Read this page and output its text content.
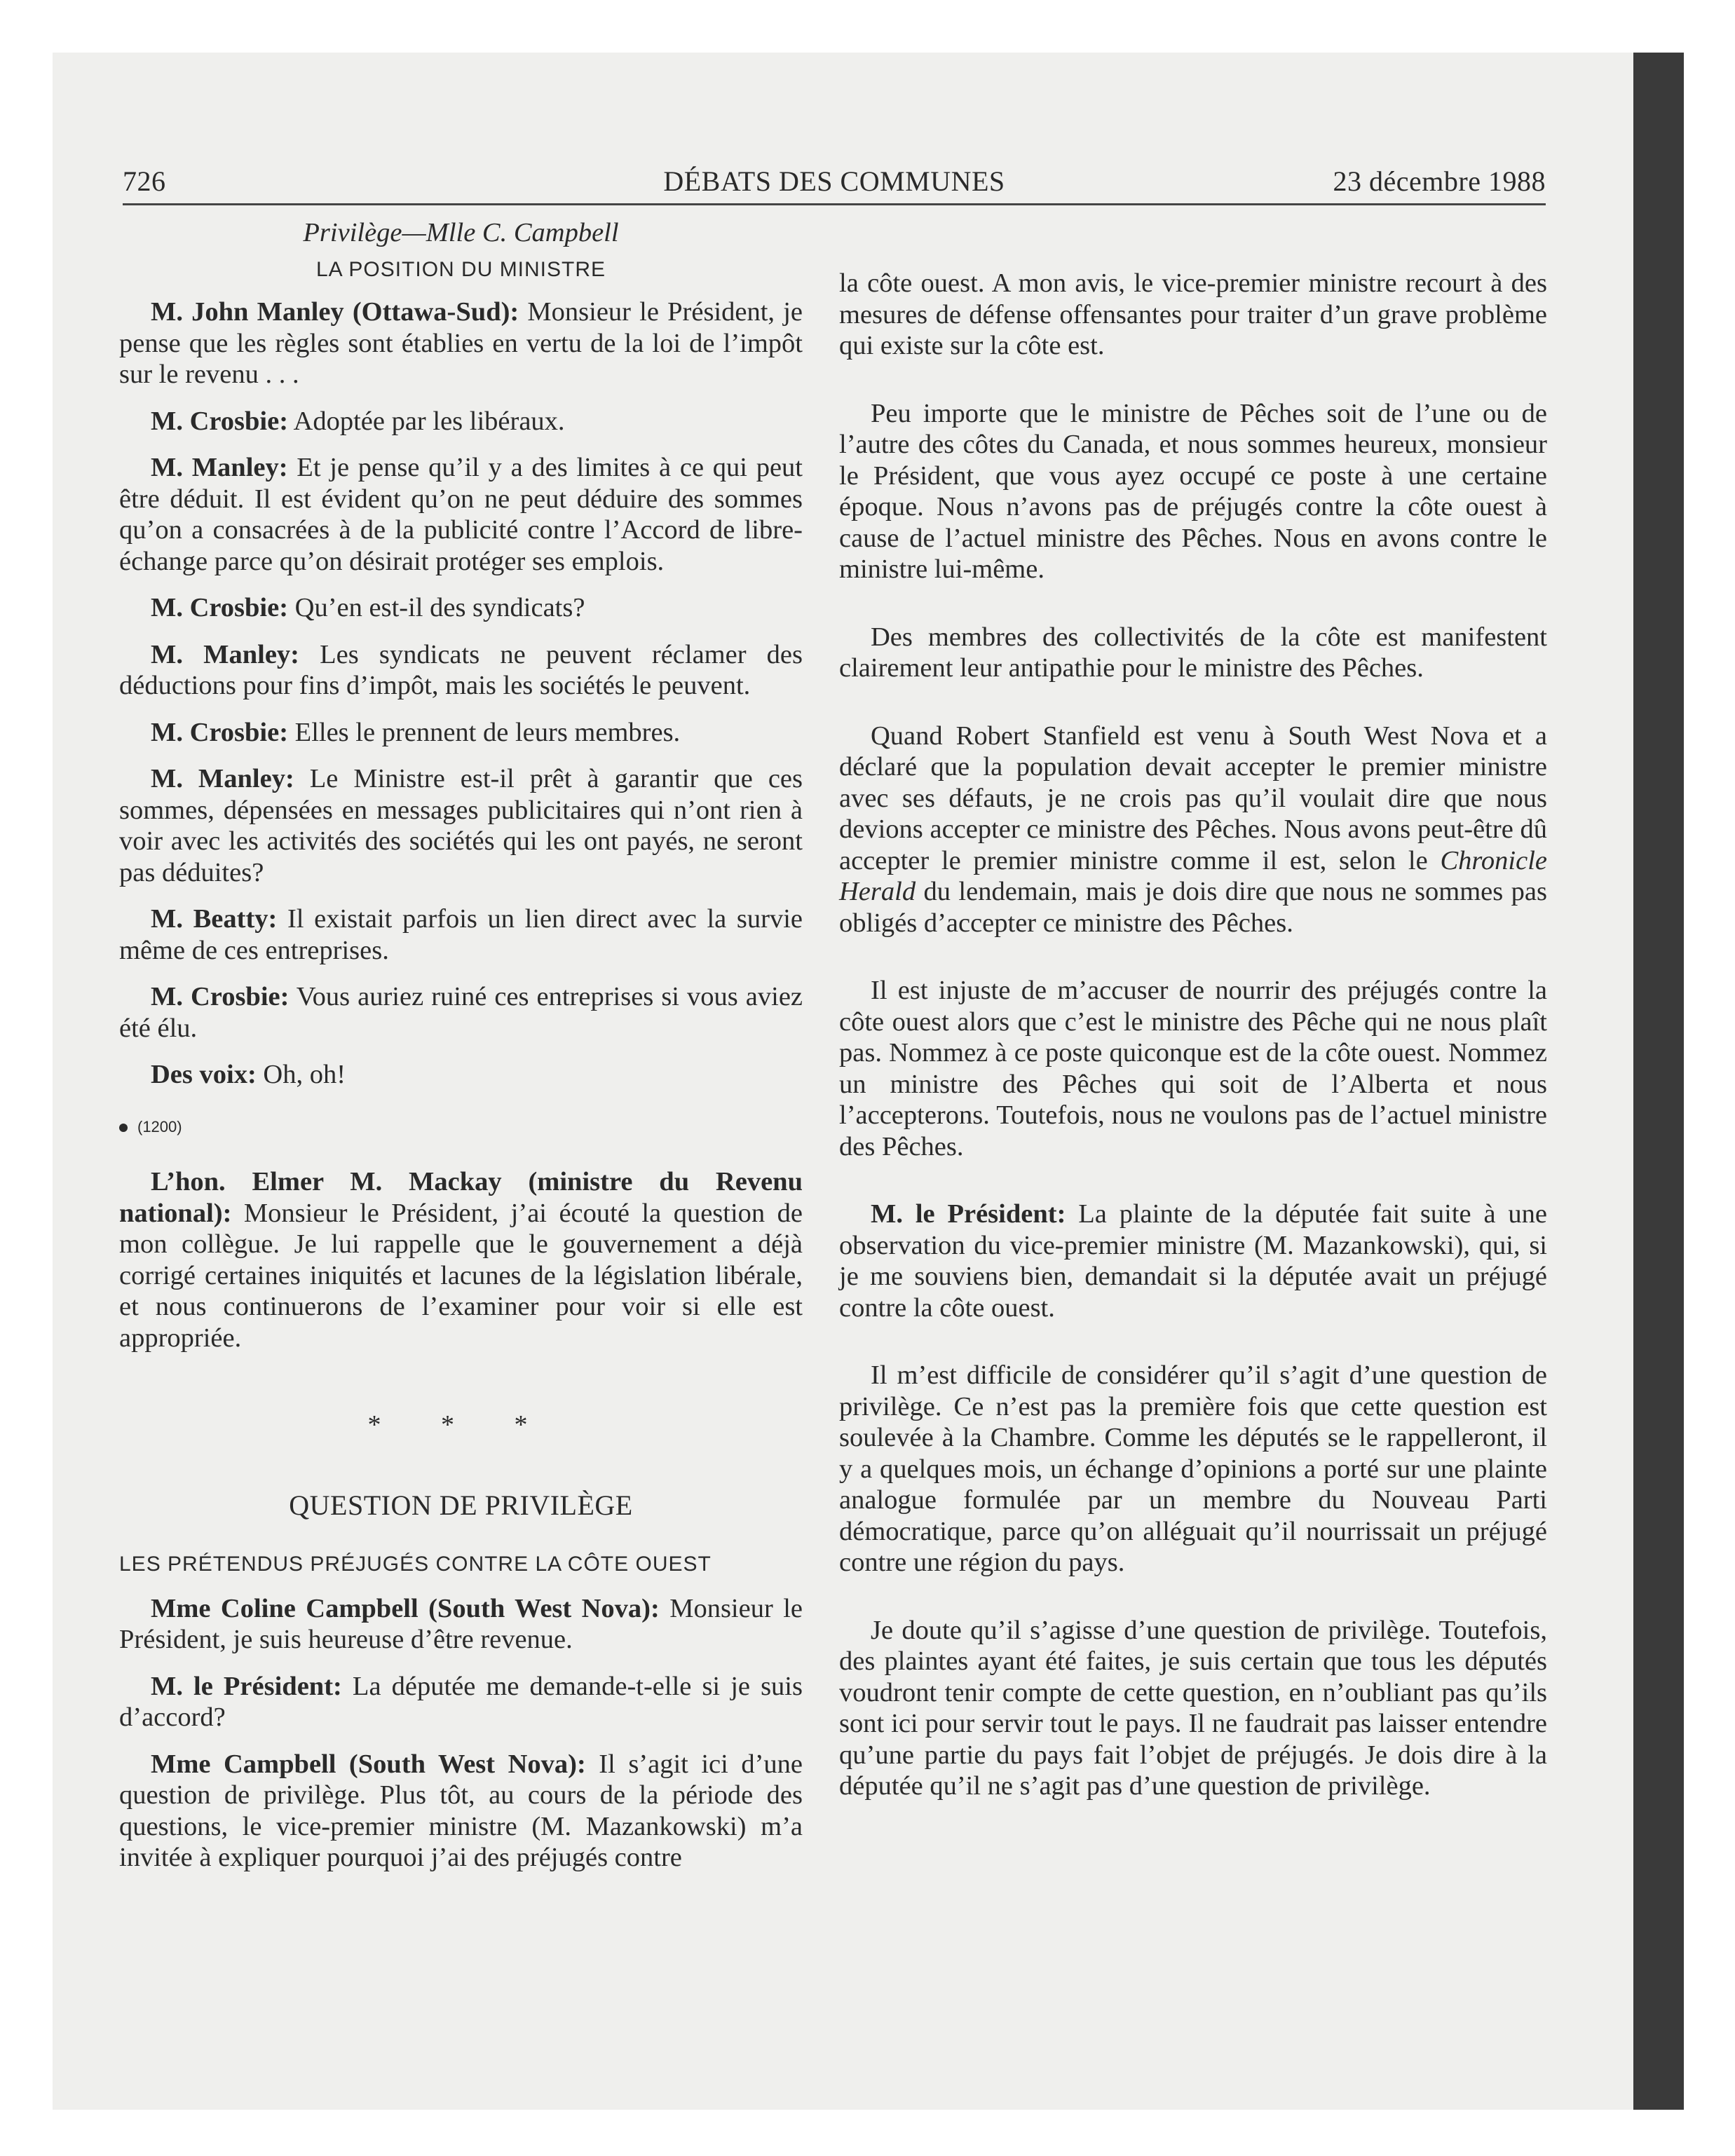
726	DÉBATS DES COMMUNES	23 décembre 1988
Privilège—Mlle C. Campbell
LA POSITION DU MINISTRE

M. John Manley (Ottawa-Sud): Monsieur le Président, je pense que les règles sont établies en vertu de la loi de l’impôt sur le revenu . . .

M. Crosbie: Adoptée par les libéraux.

M. Manley: Et je pense qu’il y a des limites à ce qui peut être déduit. Il est évident qu’on ne peut déduire des sommes qu’on a consacrées à de la publicité contre l’Accord de libre-échange parce qu’on désirait protéger ses emplois.

M. Crosbie: Qu’en est-il des syndicats?

M. Manley: Les syndicats ne peuvent réclamer des déductions pour fins d’impôt, mais les sociétés le peuvent.

M. Crosbie: Elles le prennent de leurs membres.

M. Manley: Le Ministre est-il prêt à garantir que ces sommes, dépensées en messages publicitaires qui n’ont rien à voir avec les activités des sociétés qui les ont payés, ne seront pas déduites?

M. Beatty: Il existait parfois un lien direct avec la survie même de ces entreprises.

M. Crosbie: Vous auriez ruiné ces entreprises si vous aviez été élu.

Des voix: Oh, oh!

(1200)

L’hon. Elmer M. Mackay (ministre du Revenu national): Monsieur le Président, j’ai écouté la question de mon collègue. Je lui rappelle que le gouvernement a déjà corrigé certaines iniquités et lacunes de la législation libérale, et nous continuerons de l’examiner pour voir si elle est appropriée.

* * *
QUESTION DE PRIVILÈGE
LES PRÉTENDUS PRÉJUGÉS CONTRE LA CÔTE OUEST

Mme Coline Campbell (South West Nova): Monsieur le Président, je suis heureuse d’être revenue.

M. le Président: La députée me demande-t-elle si je suis d’accord?

Mme Campbell (South West Nova): Il s’agit ici d’une question de privilège. Plus tôt, au cours de la période des questions, le vice-premier ministre (M. Mazankowski) m’a invitée à expliquer pourquoi j’ai des préjugés contre

la côte ouest. A mon avis, le vice-premier ministre recourt à des mesures de défense offensantes pour traiter d’un grave problème qui existe sur la côte est.

Peu importe que le ministre de Pêches soit de l’une ou de l’autre des côtes du Canada, et nous sommes heureux, monsieur le Président, que vous ayez occupé ce poste à une certaine époque. Nous n’avons pas de préjugés contre la côte ouest à cause de l’actuel ministre des Pêches. Nous en avons contre le ministre lui-même.

Des membres des collectivités de la côte est manifestent clairement leur antipathie pour le ministre des Pêches.

Quand Robert Stanfield est venu à South West Nova et a déclaré que la population devait accepter le premier ministre avec ses défauts, je ne crois pas qu’il voulait dire que nous devions accepter ce ministre des Pêches. Nous avons peut-être dû accepter le premier ministre comme il est, selon le Chronicle Herald du lendemain, mais je dois dire que nous ne sommes pas obligés d’accepter ce ministre des Pêches.

Il est injuste de m’accuser de nourrir des préjugés contre la côte ouest alors que c’est le ministre des Pêche qui ne nous plaît pas. Nommez à ce poste quiconque est de la côte ouest. Nommez un ministre des Pêches qui soit de l’Alberta et nous l’accepterons. Toutefois, nous ne voulons pas de l’actuel ministre des Pêches.

M. le Président: La plainte de la députée fait suite à une observation du vice-premier ministre (M. Mazankowski), qui, si je me souviens bien, demandait si la députée avait un préjugé contre la côte ouest.

Il m’est difficile de considérer qu’il s’agit d’une question de privilège. Ce n’est pas la première fois que cette question est soulevée à la Chambre. Comme les députés se le rappelleront, il y a quelques mois, un échange d’opinions a porté sur une plainte analogue formulée par un membre du Nouveau Parti démocratique, parce qu’on alléguait qu’il nourrissait un préjugé contre une région du pays.

Je doute qu’il s’agisse d’une question de privilège. Toutefois, des plaintes ayant été faites, je suis certain que tous les députés voudront tenir compte de cette question, en n’oubliant pas qu’ils sont ici pour servir tout le pays. Il ne faudrait pas laisser entendre qu’une partie du pays fait l’objet de préjugés. Je dois dire à la députée qu’il ne s’agit pas d’une question de privilège.
